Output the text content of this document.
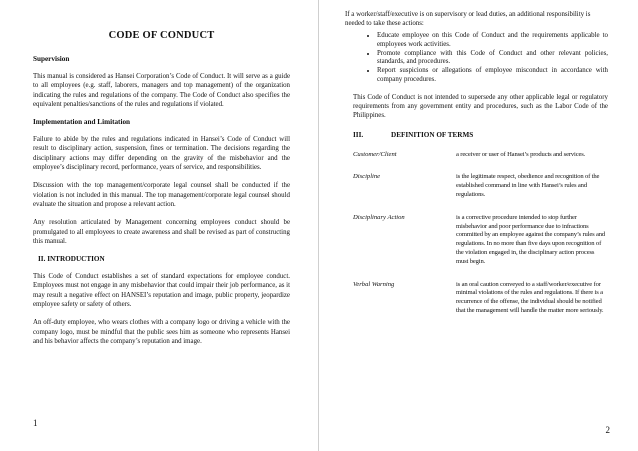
CODE OF CONDUCT
Supervision

This manual is considered as Hansei Corporation’s Code of Conduct. It will serve as a guide to all employees (e.g. staff, laborers, managers and top management) of the organization indicating the rules and regulations of the company. The Code of Conduct also specifies the equivalent penalties/sanctions of the rules and regulations if violated.

Implementation and Limitation

Failure to abide by the rules and regulations indicated in Hansei’s Code of Conduct will result to disciplinary action, suspension, fines or termination. The decisions regarding the disciplinary actions may differ depending on the gravity of the misbehavior and the employee’s disciplinary record, performance, years of service, and responsibilities.

Discussion with the top management/corporate legal counsel shall be conducted if the violation is not included in this manual. The top management/corporate legal counsel should evaluate the situation and propose a relevant action.

Any resolution articulated by Management concerning employees conduct should be promulgated to all employees to create awareness and shall be revised as part of constructing this manual.

II. INTRODUCTION

This Code of Conduct establishes a set of standard expectations for employee conduct. Employees must not engage in any misbehavior that could impair their job performance, as it may result a negative effect on HANSEI’s reputation and image, public property, jeopardize employee safety or safety of others.

An off-duty employee, who wears clothes with a company logo or driving a vehicle with the company logo, must be mindful that the public sees him as someone who represents Hansei and his behavior affects the company’s reputation and image.

1

If a worker/staff/executive is on supervisory or lead duties, an additional responsibility is needed to take these actions:

• Educate employee on this Code of Conduct and the requirements applicable to employees work activities.
• Promote compliance with this Code of Conduct and other relevant policies, standards, and procedures.
• Report suspicions or allegations of employee misconduct in accordance with company procedures.

This Code of Conduct is not intended to supersede any other applicable legal or regulatory requirements from any government entity and procedures, such as the Labor Code of the Philippines.

III.	DEFINITION OF TERMS
Customer/Client	a receiver or user of Hansei’s products and services.
Discipline	is the legitimate respect, obedience and recognition of the established command in line with Hansei’s rules and regulations.
Disciplinary Action	is a corrective procedure intended to stop further misbehavior and poor performance due to infractions committed by an employee against the company’s rules and regulations. In no more than five days upon recognition of the violation engaged in, the disciplinary action process must begin.
Verbal Warning	is an oral caution conveyed to a staff/worker/executive for minimal violations of the rules and regulations. If there is a recurrence of the offense, the individual should be notified that the management will handle the matter more seriously.
2
